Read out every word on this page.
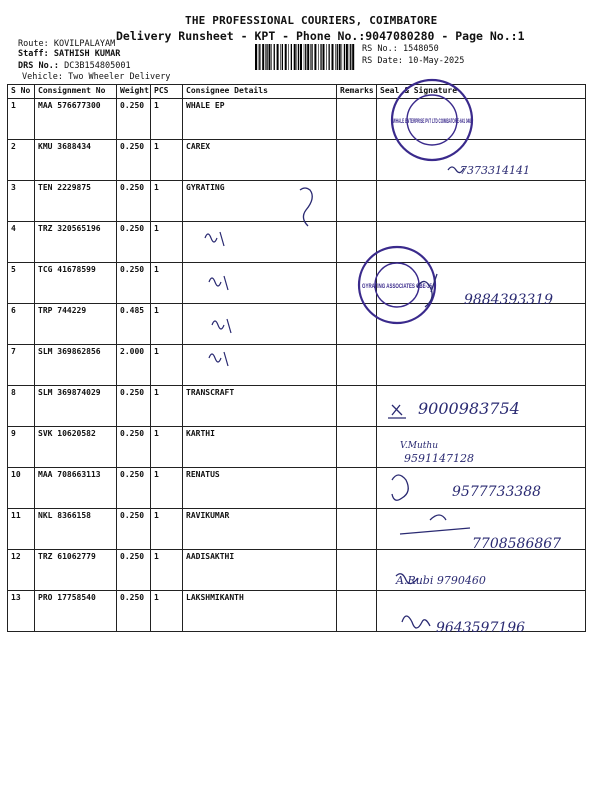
THE PROFESSIONAL COURIERS, COIMBATORE
Delivery Runsheet - KPT - Phone No.:9047080280 - Page No.:1
Route: KOVILPALAYAM
Staff: SATHISH KUMAR
DRS No.: DC3B154805001
Vehicle: Two Wheeler Delivery
RS No.: 1548050
RS Date: 10-May-2025
S No	Consignment No	Weight	PCS	Consignee Details	Remarks	Seal & Signature
1	MAA 576677300	0.250	1	WHALE EP		
2	KMU 3688434	0.250	1	CAREX		
3	TEN 2229875	0.250	1	GYRATING		
4	TRZ 320565196	0.250	1			
5	TCG 41678599	0.250	1			
6	TRP 744229	0.485	1			
7	SLM 369862856	2.000	1			
8	SLM 369874029	0.250	1	TRANSCRAFT		
9	SVK 10620582	0.250	1	KARTHI		
10	MAA 708663113	0.250	1	RENATUS		
11	NKL 8366158	0.250	1	RAVIKUMAR		
12	TRZ 61062779	0.250	1	AADISAKTHI		
13	PRO 17758540	0.250	1	LAKSHMIKANTH		
WHALE ENTERPRISE PVT LTD COIMBATORE-641 048
GYRATING ASSOCIATES CBE-35
7373314141
9884393319
9000983754
V.Muthu
9591147128
9577733388
7708586867
A.Rubi 9790460
9643597196
